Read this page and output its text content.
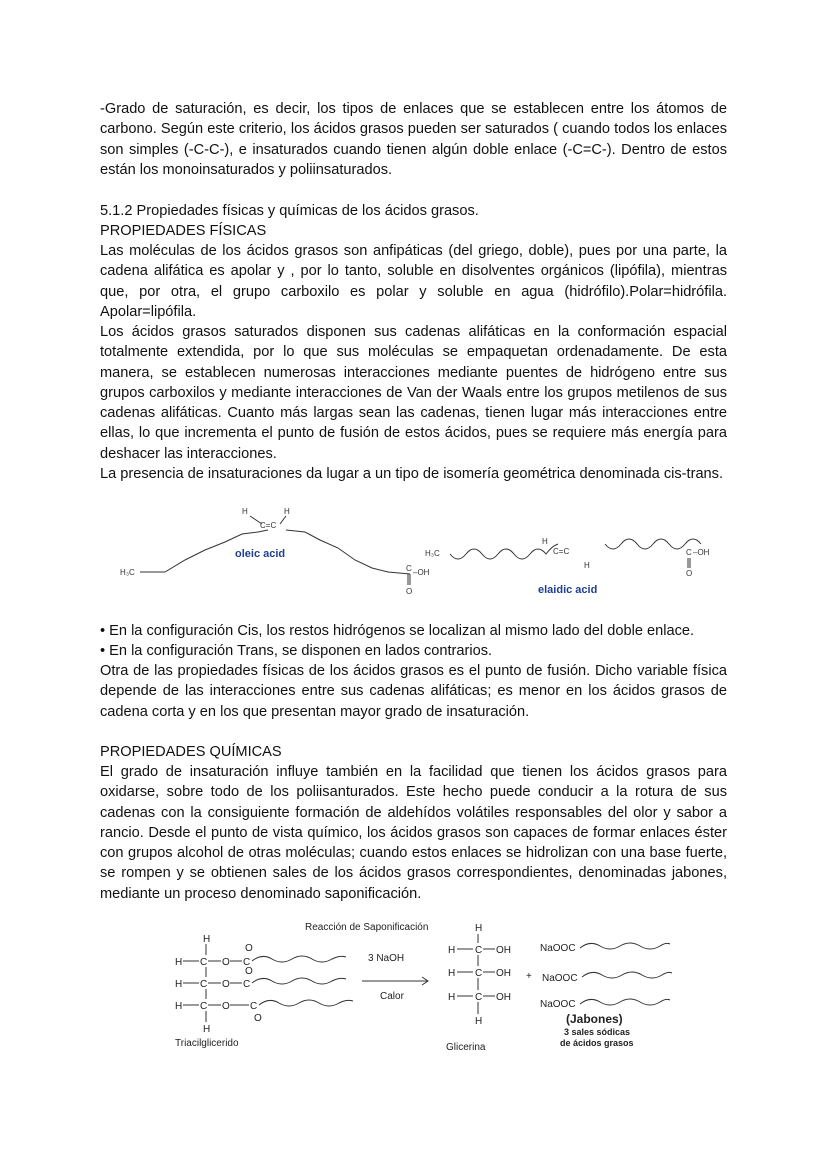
-Grado de saturación, es decir, los tipos de enlaces que se establecen entre los átomos de carbono. Según este criterio, los ácidos grasos pueden ser saturados ( cuando todos los enlaces son simples (-C-C-), e insaturados cuando tienen algún doble enlace (-C=C-). Dentro de estos están los monoinsaturados y poliinsaturados.

5.1.2 Propiedades físicas y químicas de los ácidos grasos.

PROPIEDADES FÍSICAS

Las moléculas de los ácidos grasos son anfipáticas (del griego, doble), pues por una parte, la cadena alifática es apolar y , por lo tanto, soluble en disolventes orgánicos (lipófila), mientras que, por otra, el grupo carboxilo es polar y soluble en agua (hidrófilo).Polar=hidrófila. Apolar=lipófila.

Los ácidos grasos saturados disponen sus cadenas alifáticas en la conformación espacial totalmente extendida, por lo que sus moléculas se empaquetan ordenadamente. De esta manera, se establecen numerosas interacciones mediante puentes de hidrógeno entre sus grupos carboxilos y mediante interacciones de Van der Waals entre los grupos metilenos de sus cadenas alifáticas. Cuanto más largas sean las cadenas, tienen lugar más interacciones entre ellas, lo que incrementa el punto de fusión de estos ácidos, pues se requiere más energía para deshacer las interacciones.

La presencia de insaturaciones da lugar a un tipo de isomería geométrica denominada cis-trans.

H₃C
H	H
C=C
oleic acid
C –OH
O
H₃C
H
C=C
H
C –OH
O
elaidic acid

• En la configuración Cis, los restos hidrógenos se localizan al mismo lado del doble enlace.

• En la configuración Trans, se disponen en lados contrarios.

Otra de las propiedades físicas de los ácidos grasos es el punto de fusión. Dicho variable física depende de las interacciones entre sus cadenas alifáticas; es menor en los ácidos grasos de cadena corta y en los que presentan mayor grado de insaturación.

PROPIEDADES QUÍMICAS

El grado de insaturación influye también en la facilidad que tienen los ácidos grasos para oxidarse, sobre todo de los poliisanturados. Este hecho puede conducir a la rotura de sus cadenas con la consiguiente formación de aldehídos volátiles responsables del olor y sabor a rancio. Desde el punto de vista químico, los ácidos grasos son capaces de formar enlaces éster con grupos alcohol de otras moléculas; cuando estos enlaces se hidrolizan con una base fuerte, se rompen y se obtienen sales de los ácidos grasos correspondientes, denominadas jabones, mediante un proceso denominado saponificación.

Reacción de Saponificación
H
H C O C
O
H C O C
O
H C O C
O
H
Triacilglicerido
3 NaOH
Calor
H
H C OH
H C OH
H C OH
H
Glicerina
+
NaOOC
NaOOC
NaOOC
(Jabones)
3 sales sódicas
de ácidos grasos
